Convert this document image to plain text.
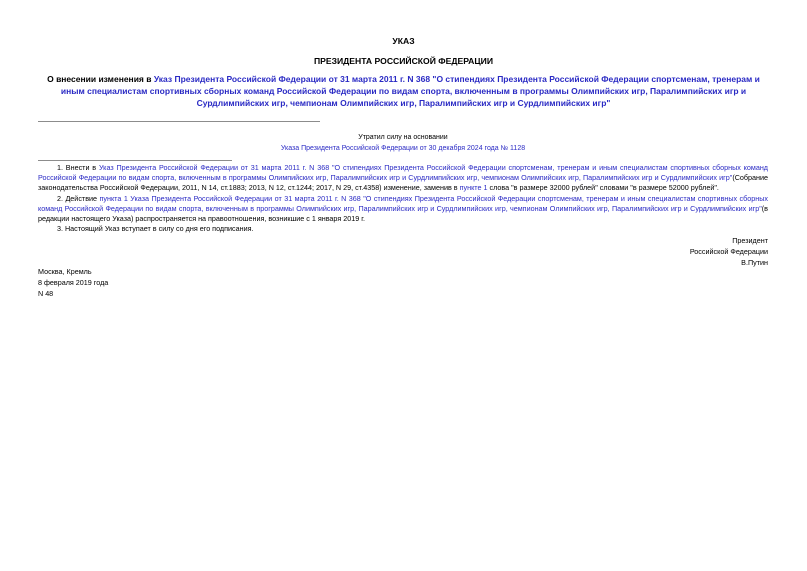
УКАЗ
ПРЕЗИДЕНТА РОССИЙСКОЙ ФЕДЕРАЦИИ
О внесении изменения в Указ Президента Российской Федерации от 31 марта 2011 г. N 368 "О стипендиях Президента Российской Федерации спортсменам, тренерам и иным специалистам спортивных сборных команд Российской Федерации по видам спорта, включенным в программы Олимпийских игр, Паралимпийских игр и Сурдлимпийских игр, чемпионам Олимпийских игр, Паралимпийских игр и Сурдлимпийских игр"
Утратил силу на основании
Указа Президента Российской Федерации от 30 декабря 2024 года № 1128

1. Внести в Указ Президента Российской Федерации от 31 марта 2011 г. N 368 "О стипендиях Президента Российской Федерации спортсменам, тренерам и иным специалистам спортивных сборных команд Российской Федерации по видам спорта, включенным в программы Олимпийских игр, Паралимпийских игр и Сурдлимпийских игр, чемпионам Олимпийских игр, Паралимпийских игр и Сурдлимпийских игр"(Собрание законодательства Российской Федерации, 2011, N 14, ст.1883; 2013, N 12, ст.1244; 2017, N 29, ст.4358) изменение, заменив в пункте 1 слова "в размере 32000 рублей" словами "в размере 52000 рублей".

2. Действие пункта 1 Указа Президента Российской Федерации от 31 марта 2011 г. N 368 "О стипендиях Президента Российской Федерации спортсменам, тренерам и иным специалистам спортивных сборных команд Российской Федерации по видам спорта, включенным в программы Олимпийских игр, Паралимпийских игр и Сурдлимпийских игр, чемпионам Олимпийских игр, Паралимпийских игр и Сурдлимпийских игр"(в редакции настоящего Указа) распространяется на правоотношения, возникшие с 1 января 2019 г.

3. Настоящий Указ вступает в силу со дня его подписания.

Президент
Российской Федерации
В.Путин
Москва, Кремль
8 февраля 2019 года
N 48
